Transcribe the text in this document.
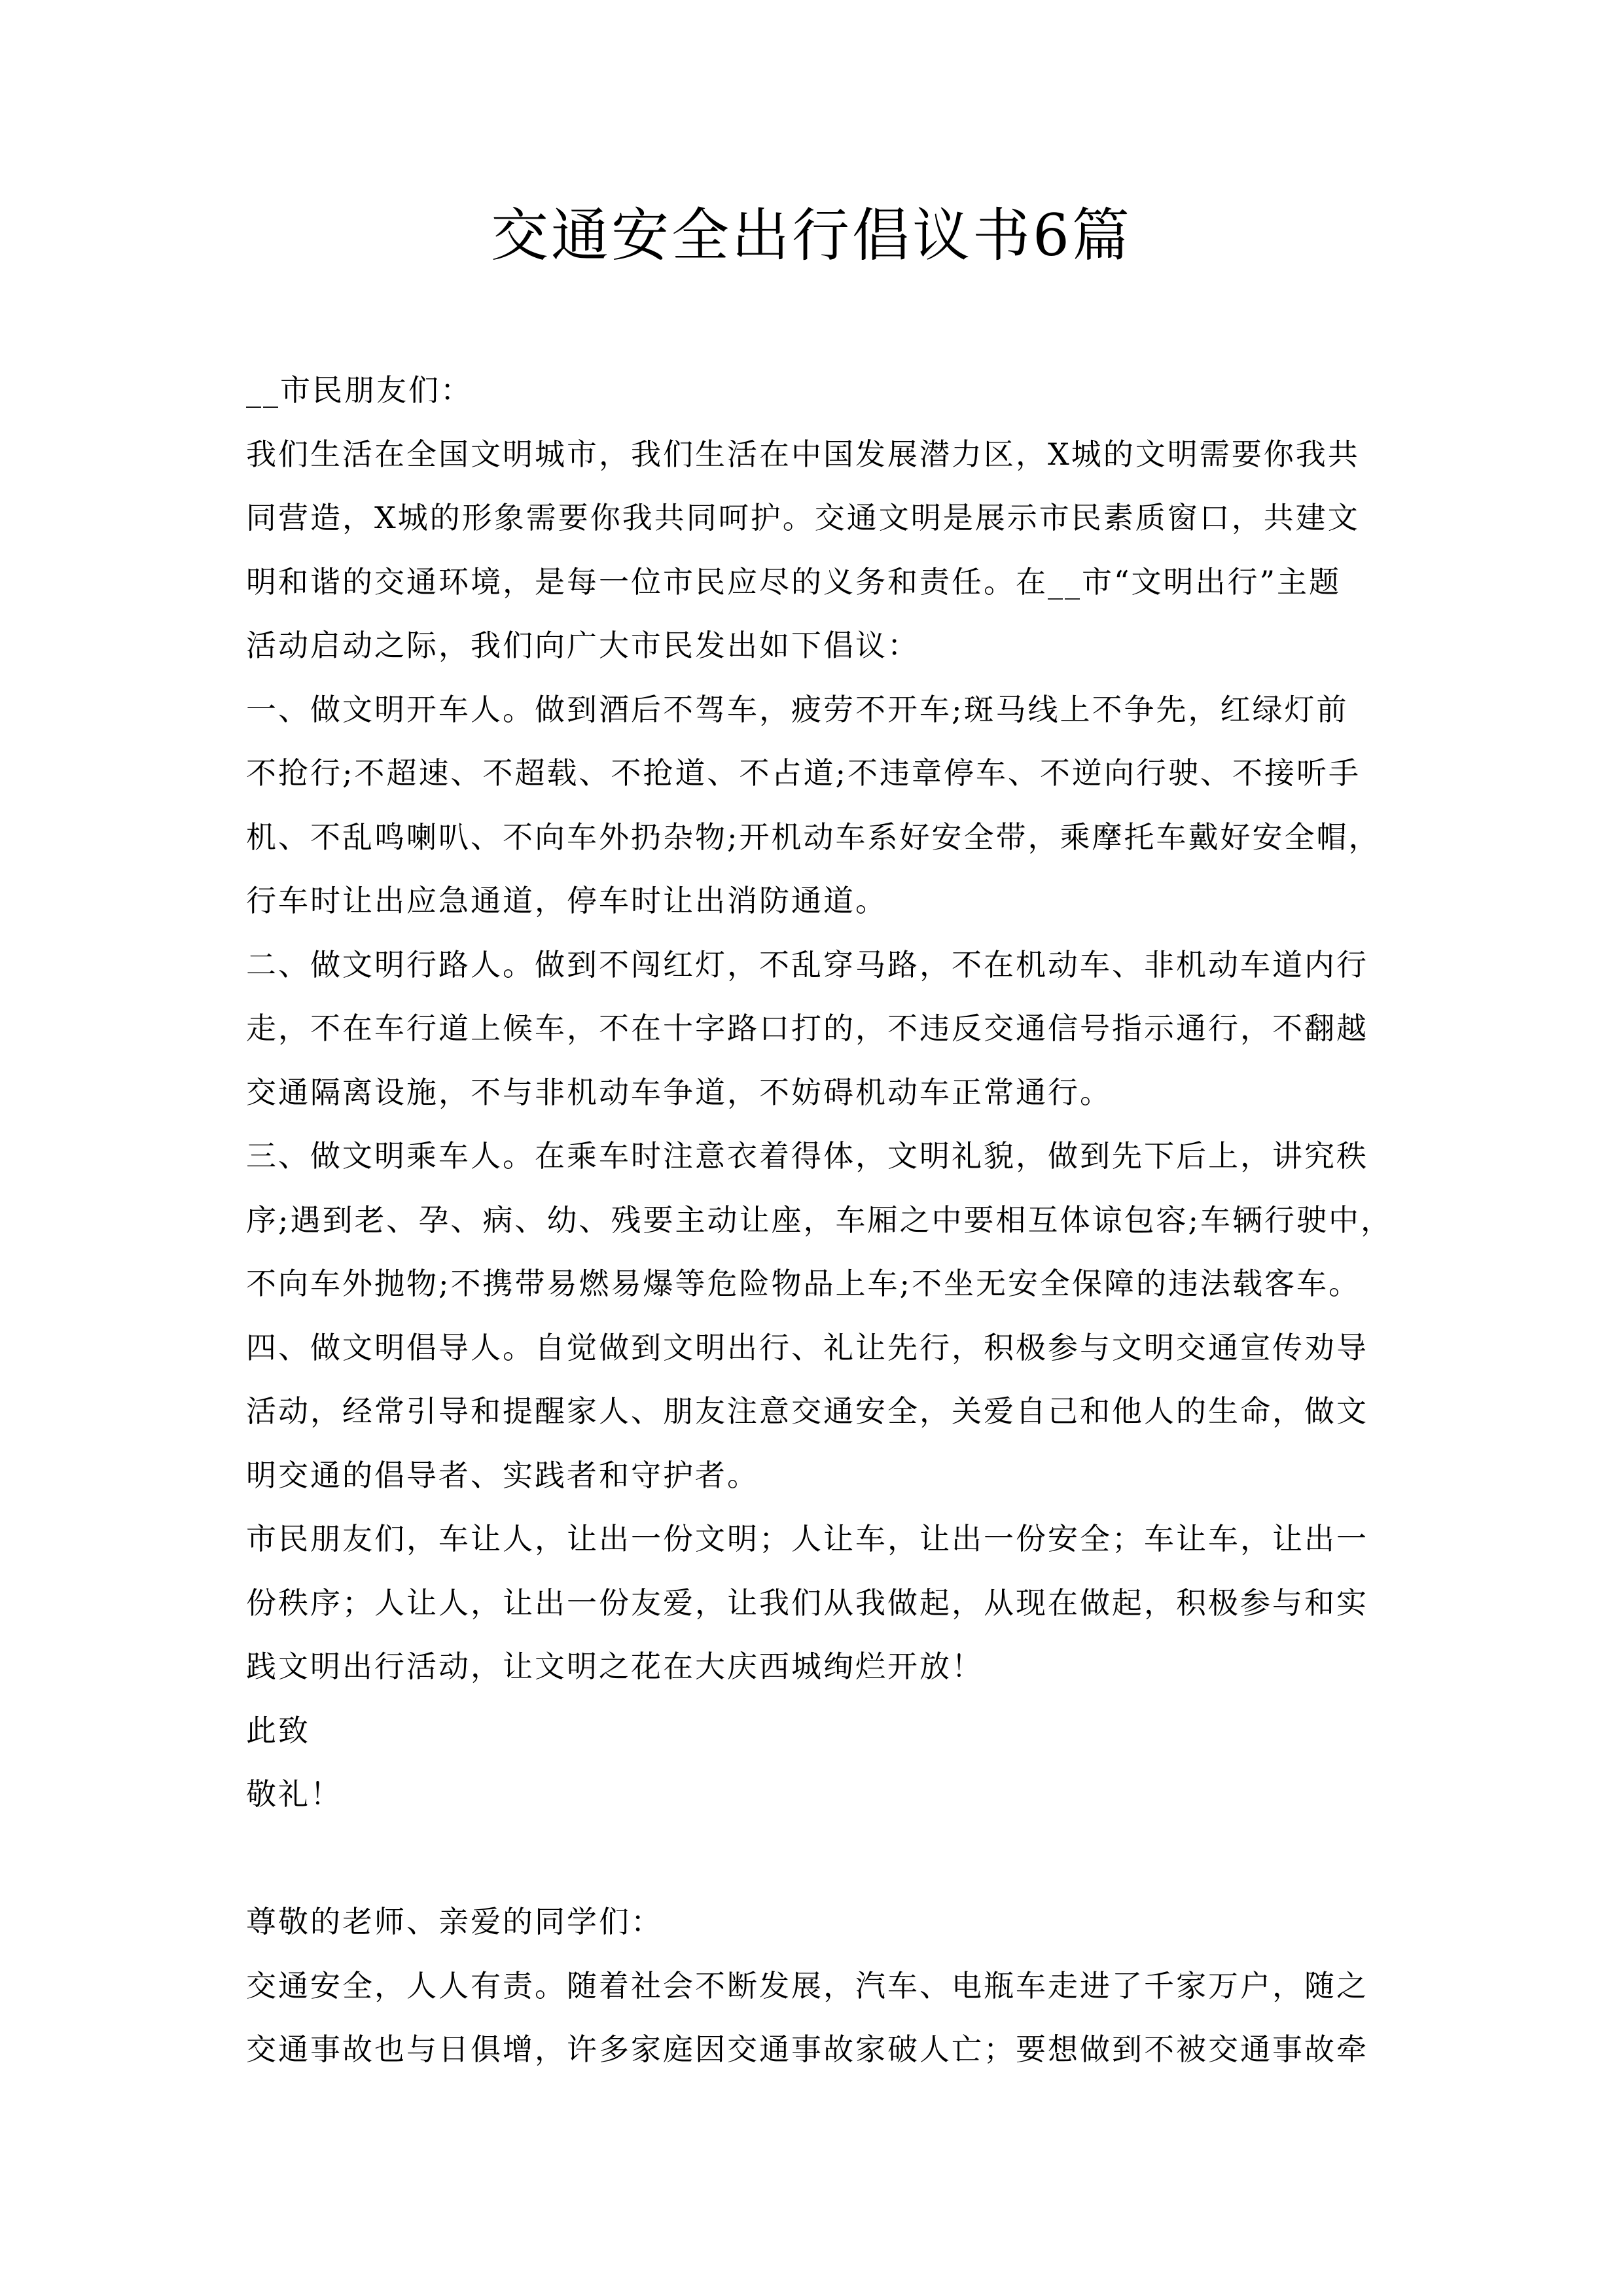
交通安全出行倡议书6篇
__市民朋友们：
我们生活在全国文明城市，我们生活在中国发展潜力区，X城的文明需要你我共
同营造，X城的形象需要你我共同呵护。交通文明是展示市民素质窗口，共建文
明和谐的交通环境，是每一位市民应尽的义务和责任。在__市“文明出行”主题
活动启动之际，我们向广大市民发出如下倡议：
一、做文明开车人。做到酒后不驾车，疲劳不开车;斑马线上不争先，红绿灯前
不抢行;不超速、不超载、不抢道、不占道;不违章停车、不逆向行驶、不接听手
机、不乱鸣喇叭、不向车外扔杂物;开机动车系好安全带，乘摩托车戴好安全帽，
行车时让出应急通道，停车时让出消防通道。
二、做文明行路人。做到不闯红灯，不乱穿马路，不在机动车、非机动车道内行
走，不在车行道上候车，不在十字路口打的，不违反交通信号指示通行，不翻越
交通隔离设施，不与非机动车争道，不妨碍机动车正常通行。
三、做文明乘车人。在乘车时注意衣着得体，文明礼貌，做到先下后上，讲究秩
序;遇到老、孕、病、幼、残要主动让座，车厢之中要相互体谅包容;车辆行驶中，
不向车外抛物;不携带易燃易爆等危险物品上车;不坐无安全保障的违法载客车。
四、做文明倡导人。自觉做到文明出行、礼让先行，积极参与文明交通宣传劝导
活动，经常引导和提醒家人、朋友注意交通安全，关爱自己和他人的生命，做文
明交通的倡导者、实践者和守护者。
市民朋友们，车让人，让出一份文明；人让车，让出一份安全；车让车，让出一
份秩序；人让人，让出一份友爱，让我们从我做起，从现在做起，积极参与和实
践文明出行活动，让文明之花在大庆西城绚烂开放！
此致
敬礼！
尊敬的老师、亲爱的同学们：
交通安全，人人有责。随着社会不断发展，汽车、电瓶车走进了千家万户，随之
交通事故也与日俱增，许多家庭因交通事故家破人亡；要想做到不被交通事故牵
